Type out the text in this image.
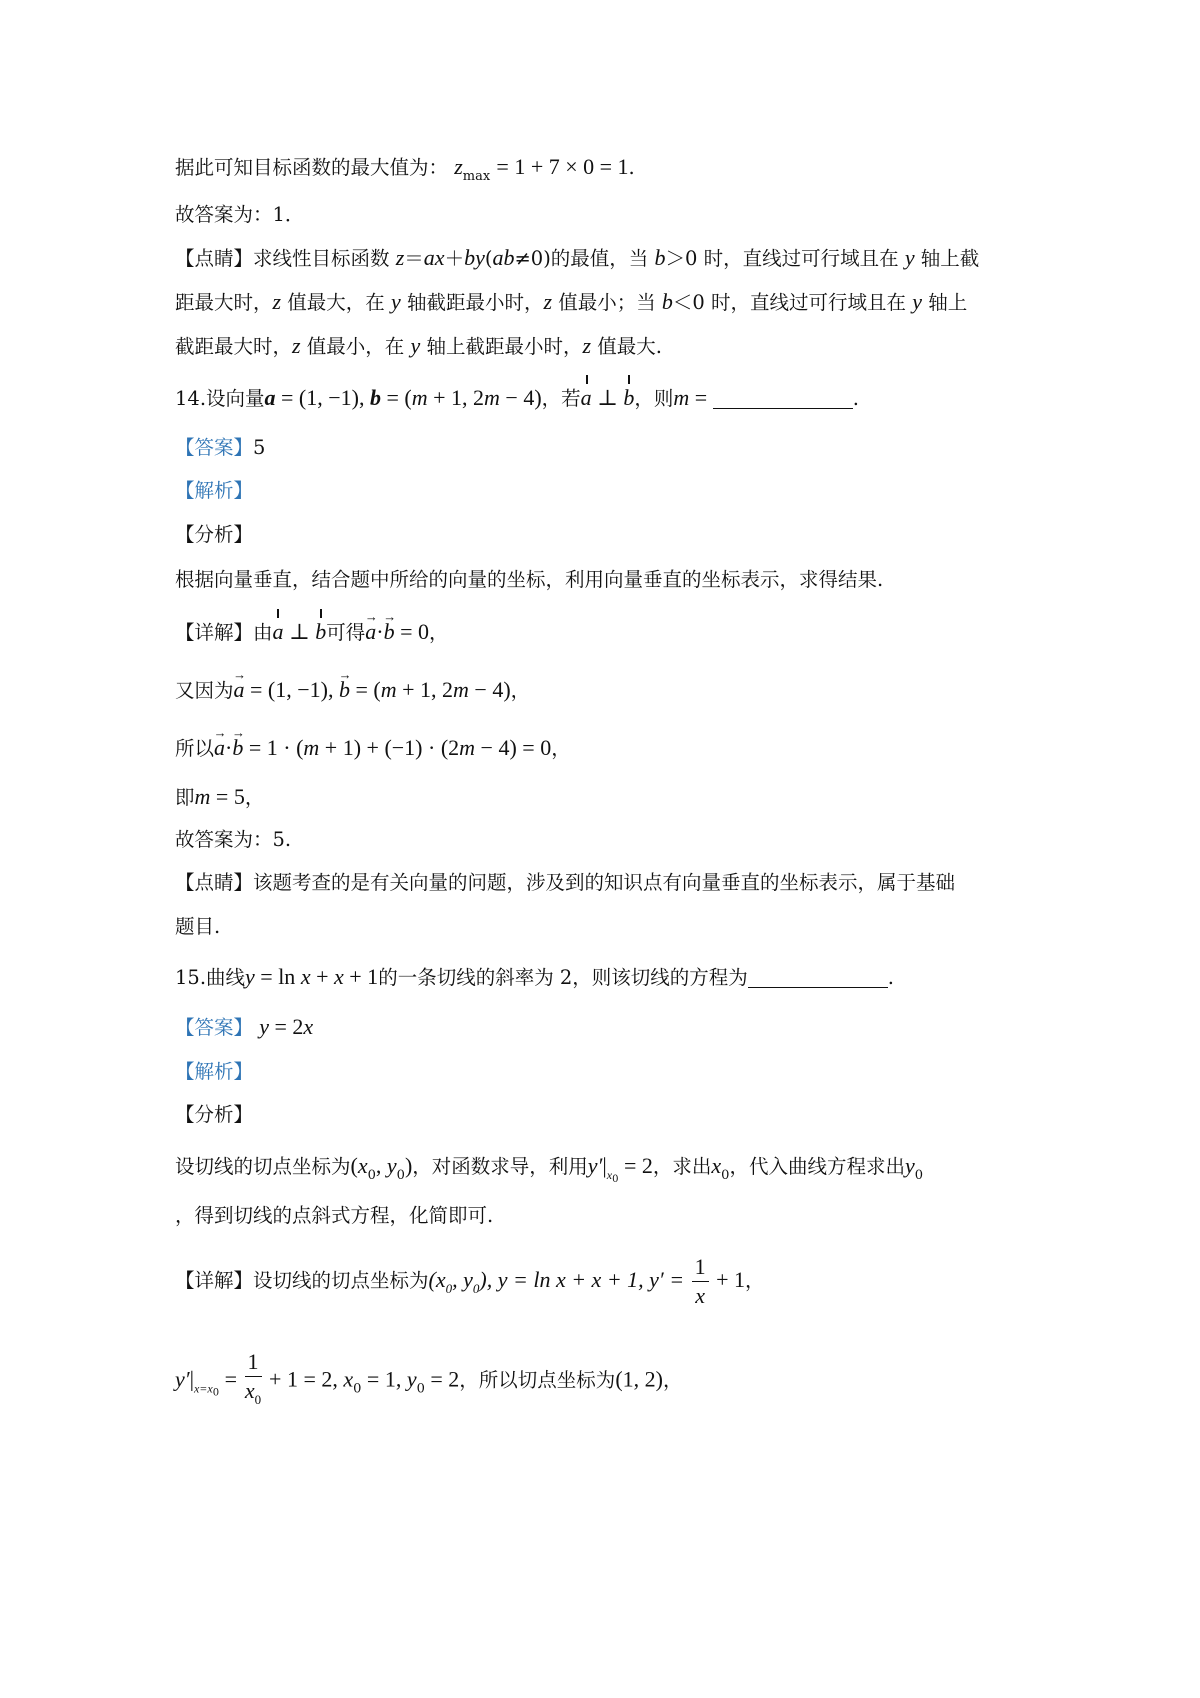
据此可知目标函数的最大值为： $z_{max} = 1 + 7 \times 0 = 1$.
故答案为：1．
【点睛】求线性目标函数 z＝ax＋by(ab≠0)的最值，当 b＞0 时，直线过可行域且在 y 轴上截
距最大时，z 值最大，在 y 轴截距最小时，z 值最小；当 b＜0 时，直线过可行域且在 y 轴上
截距最大时，z 值最小，在 y 轴上截距最小时，z 值最大.
14.设向量a = (1, −1), b = (m + 1, 2m − 4)，若a ⊥ b，则m =	.
【答案】5
【解析】
【分析】
根据向量垂直，结合题中所给的向量的坐标，利用向量垂直的坐标表示，求得结果.
【详解】由a ⊥ b可得→ a·→ b = 0，
又因为→ a = (1, −1), → b = (m + 1, 2m − 4)，
所以→ a·→ b = 1 · (m + 1) + (−1) · (2m − 4) = 0，
即m = 5，
故答案为：5.
【点睛】该题考查的是有关向量的问题，涉及到的知识点有向量垂直的坐标表示，属于基础
题目.
15.曲线y = ln x + x + 1的一条切线的斜率为 2，则该切线的方程为	.
【答案】 y = 2x
【解析】
【分析】
设切线的切点坐标为($x_0$, $y_0$)，对函数求导，利用$y'|_{x0} = 2$，求出$x_0$，代入曲线方程求出$y_0$
，得到切线的点斜式方程，化简即可.
【详解】设切线的切点坐标为($x_0$, $y_0$), y = ln x + x + 1, $y' = \frac{1}{x} + 1$，
$y'|_{x=x0} = \frac{1}{x_0} + 1 = 2$, $x_0 = 1$, $y_0 = 2$，所以切点坐标为(1, 2)，
